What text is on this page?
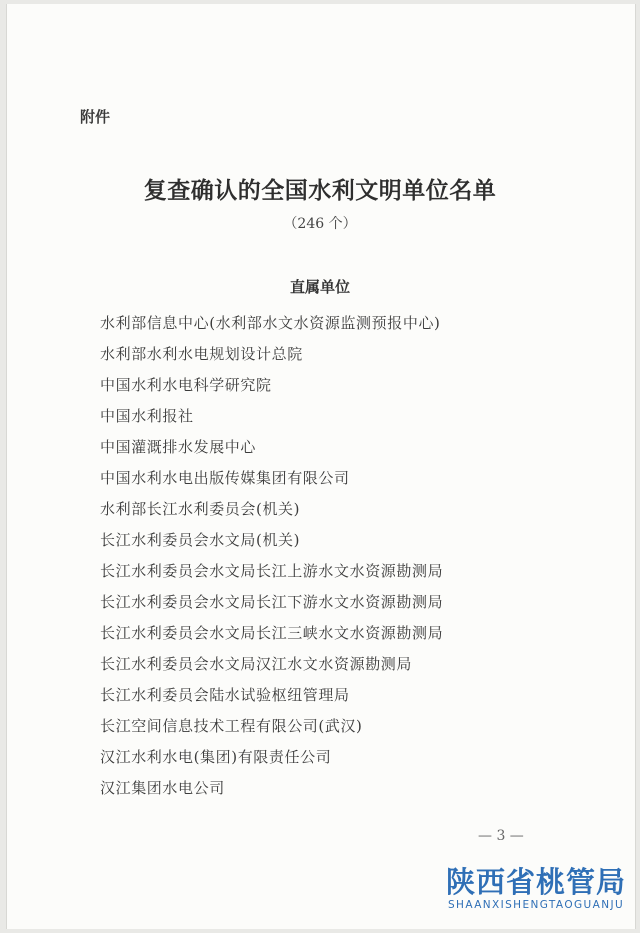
附件
复查确认的全国水利文明单位名单
（246 个）
直属单位
水利部信息中心(水利部水文水资源监测预报中心)
水利部水利水电规划设计总院
中国水利水电科学研究院
中国水利报社
中国灌溉排水发展中心
中国水利水电出版传媒集团有限公司
水利部长江水利委员会(机关)
长江水利委员会水文局(机关)
长江水利委员会水文局长江上游水文水资源勘测局
长江水利委员会水文局长江下游水文水资源勘测局
长江水利委员会水文局长江三峡水文水资源勘测局
长江水利委员会水文局汉江水文水资源勘测局
长江水利委员会陆水试验枢纽管理局
长江空间信息技术工程有限公司(武汉)
汉江水利水电(集团)有限责任公司
汉江集团水电公司
— 3 —
陕西省桃管局
SHAANXISHENGTAOGUANJU
